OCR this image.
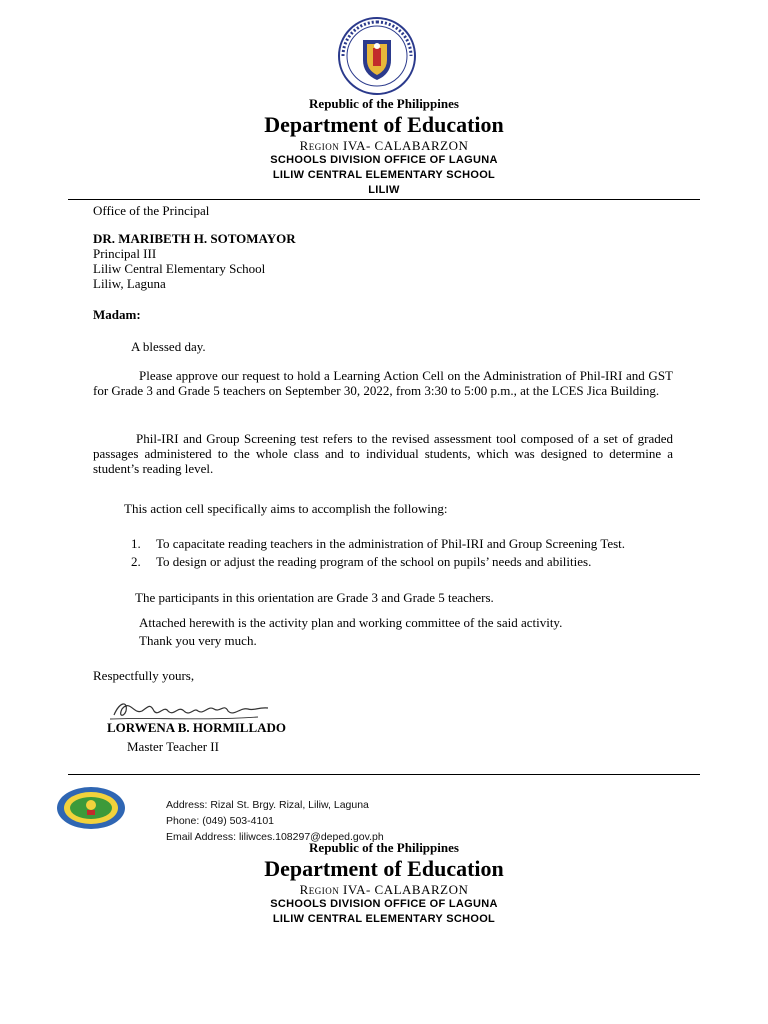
Republic of the Philippines
Department of Education
Region IVA- CALABARZON
SCHOOLS DIVISION OFFICE OF LAGUNA
LILIW CENTRAL ELEMENTARY SCHOOL
LILIW
Office of the Principal
DR. MARIBETH H. SOTOMAYOR
Principal III
Liliw Central Elementary School
Liliw, Laguna
Madam:
A blessed day.
Please approve our request to hold a Learning Action Cell on the Administration of Phil-IRI and GST for Grade 3 and Grade 5 teachers on September 30, 2022, from 3:30 to 5:00 p.m., at the LCES Jica Building.
Phil-IRI and Group Screening test refers to the revised assessment tool composed of a set of graded passages administered to the whole class and to individual students, which was designed to determine a student’s reading level.
This action cell specifically aims to accomplish the following:
1.	To capacitate reading teachers in the administration of Phil-IRI and Group Screening Test.
2.	To design or adjust the reading program of the school on pupils’ needs and abilities.
The participants in this orientation are Grade 3 and Grade 5 teachers.
Attached herewith is the activity plan and working committee of the said activity.
Thank you very much.
Respectfully yours,
LORWENA B. HORMILLADO
Master Teacher II
Address: Rizal St. Brgy. Rizal, Liliw, Laguna
Phone: (049) 503-4101
Email Address: liliwces.108297@deped.gov.ph
Republic of the Philippines
Department of Education
Region IVA- CALABARZON
SCHOOLS DIVISION OFFICE OF LAGUNA
LILIW CENTRAL ELEMENTARY SCHOOL
